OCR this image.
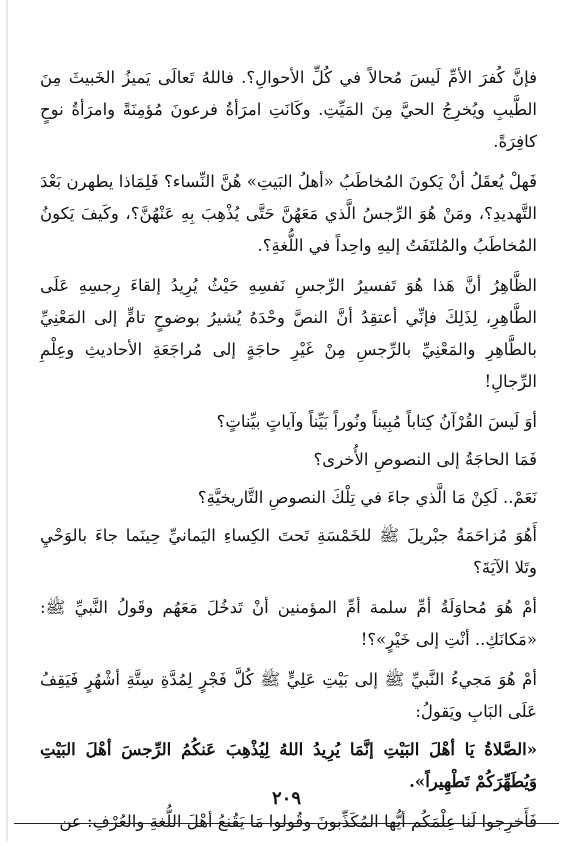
فإنَّ كُفرَ الأمِّ لَيسَ مُحالاً في كُلِّ الأحوالِ؟. فاللهُ تَعالَى يَميزُ الخَبيثَ مِنَ الطَّيبِ ويُخرِجُ الحيَّ مِنَ المَيِّتِ. وكَانَتِ امرَأةُ فرعونَ مُؤمِنَةً وامرَأةُ نوحٍ كافِرَةً.

فَهلْ يُعقَلُ أنْ يَكونَ المُخاطَبُ «أهلُ البَيتِ» هُنَّ النِّساء؟ فَلِمَاذا يطهرن بَعْدَ التَّهديدِ؟، ومَنْ هُوَ الرِّجسُ الَّذي مَعَهُنَّ حَتَّى يُذْهِبَ بِهِ عَنْهُنَّ؟، وكَيفَ يَكونُ المُخاطَبُ والمُلتَفَتُ إليهِ واحِداً في اللُّغةِ؟.

الظَّاهِرُ أنَّ هَذا هُوَ تَفسيرُ الرِّجسِ نَفسِهِ حَيْثُ يُرِيدُ إلقاءَ رِجسِهِ عَلَى الطَّاهِرِ، لِذَلِكَ فإنِّي أعتقِدُ أنَّ النصَّ وحْدَهُ يُشيرُ بوضوحٍ تامٍّ إلى المَعْنِيِّ بالطَّاهِرِ والمَعْنِيِّ بالرِّجسِ مِنْ غَيْرِ حاجَةٍ إلى مُراجَعَةِ الأحاديثِ وعِلْمِ الرِّجالِ!

أوَ لَيسَ القُرْآنُ كِتاباً مُبِيناً ونُوراً بَيِّناً وآياتٍ بيِّناتٍ؟

فَمَا الحاجَةُ إلى النصوصِ الأُخرى؟

نَعَمْ.. لَكِنْ مَا الَّذي جاءَ في تِلْكَ النصوصِ التَّاريخيَّةِ؟

أَهُوَ مُزاحَمَةُ جبْريلَ ﷺ للخَمْسَةِ تَحتَ الكِساءِ اليَمانيِّ حِينَما جاءَ بالوَحْيِ وتَلا الآيَةَ؟

أمْ هُوَ مُحاوَلَةُ أمِّ سلمة أمِّ المؤمنين أنْ تَدخُلَ مَعَهُم وقَولُ النَّبيِّ ﷺ: «مَكانَكِ.. أنْتِ إلى خَيْرٍ»؟!

أمْ هُوَ مَجيءُ النَّبيِّ ﷺ إلى بَيْتِ عَلِيٍّ ﷺ كُلَّ فَجْرٍ لِمُدَّةِ سِتَّةِ أشْهُرٍ فَيَقِفُ عَلَى البَابِ ويَقولُ:

«الصَّلاةُ يَا أهْلَ البَيْتِ إنَّمَا يُرِيدُ اللهُ لِيُذْهِبَ عَنكُمُ الرِّجسَ أهْلَ البَيْتِ وَيُطَهِّرَكُمْ تَطْهِيراً».

فَأَخرِجوا لَنا عِلْمَكُم أيُّها المُكَذِّبونَ وقُولوا مَا يَقُنعُ أهْلَ اللُّغةِ والعُرْفِ: عن

٢٠٩
